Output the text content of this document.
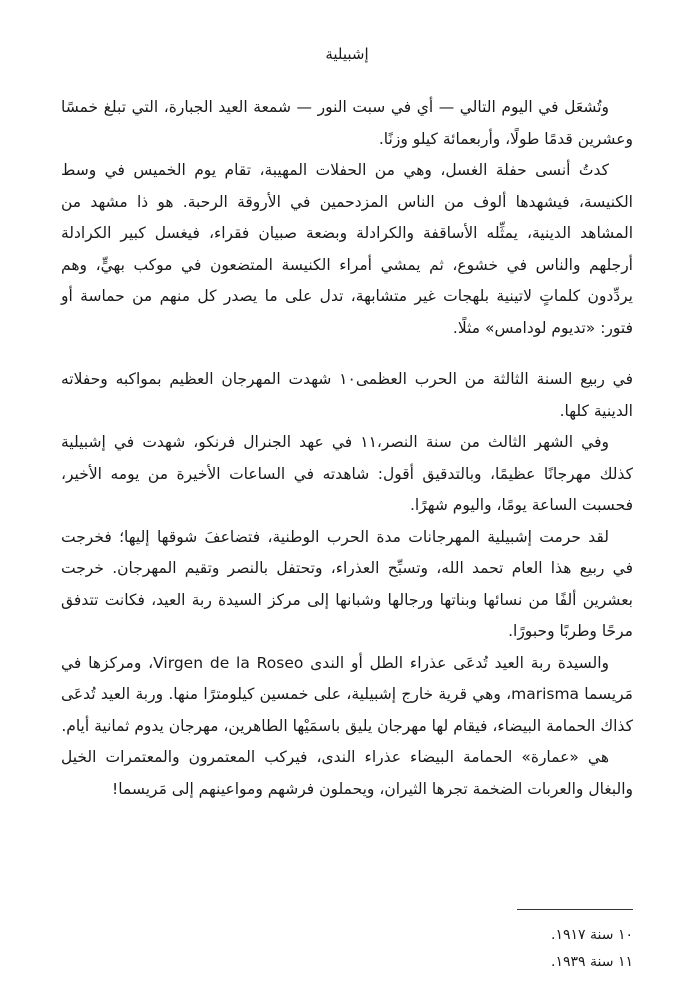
إشبيلية

وتُشعَل في اليوم التالي — أي في سبت النور — شمعة العيد الجبارة، التي تبلغ خمسًا وعشرين قدمًا طولًا، وأربعمائة كيلو وزنًا.

كدتُ أنسى حفلة الغسل، وهي من الحفلات المهيبة، تقام يوم الخميس في وسط الكنيسة، فيشهدها ألوف من الناس المزدحمين في الأروقة الرحبة. هو ذا مشهد من المشاهد الدينية، يمثِّله الأساقفة والكرادلة وبضعة صبيان فقراء، فيغسل كبير الكرادلة أرجلهم والناس في خشوع، ثم يمشي أمراء الكنيسة المتضعون في موكب بهيٍّ، وهم يردِّدون كلماتٍ لاتينية بلهجات غير متشابهة، تدل على ما يصدر كل منهم من حماسة أو فتور: «تديوم لودامس» مثلًا.

في ربيع السنة الثالثة من الحرب العظمى١٠ شهدت المهرجان العظيم بمواكبه وحفلاته الدينية كلها.

وفي الشهر الثالث من سنة النصر،١١ في عهد الجنرال فرنكو، شهدت في إشبيلية كذلك مهرجانًا عظيمًا، وبالتدقيق أقول: شاهدته في الساعات الأخيرة من يومه الأخير، فحسبت الساعة يومًا، واليوم شهرًا.

لقد حرمت إشبيلية المهرجانات مدة الحرب الوطنية، فتضاعفَ شوقها إليها؛ فخرجت في ربيع هذا العام تحمد الله، وتسبِّح العذراء، وتحتفل بالنصر وتقيم المهرجان. خرجت بعشرين ألفًا من نسائها وبناتها ورجالها وشبانها إلى مركز السيدة ربة العيد، فكانت تتدفق مرحًا وطربًا وحبورًا.

والسيدة ربة العيد تُدعَى عذراء الطل أو الندى Virgen de la Roseo، ومركزها في مَريسما marisma، وهي قرية خارج إشبيلية، على خمسين كيلومترًا منها. وربة العيد تُدعَى كذاك الحمامة البيضاء، فيقام لها مهرجان يليق باسمَيْها الطاهرين، مهرجان يدوم ثمانية أيام.

هي «عمارة» الحمامة البيضاء عذراء الندى، فيركب المعتمرون والمعتمرات الخيل والبغال والعربات الضخمة تجرها الثيران، ويحملون فرشهم ومواعينهم إلى مَريسما!

١٠ سنة ١٩١٧.

١١ سنة ١٩٣٩.
